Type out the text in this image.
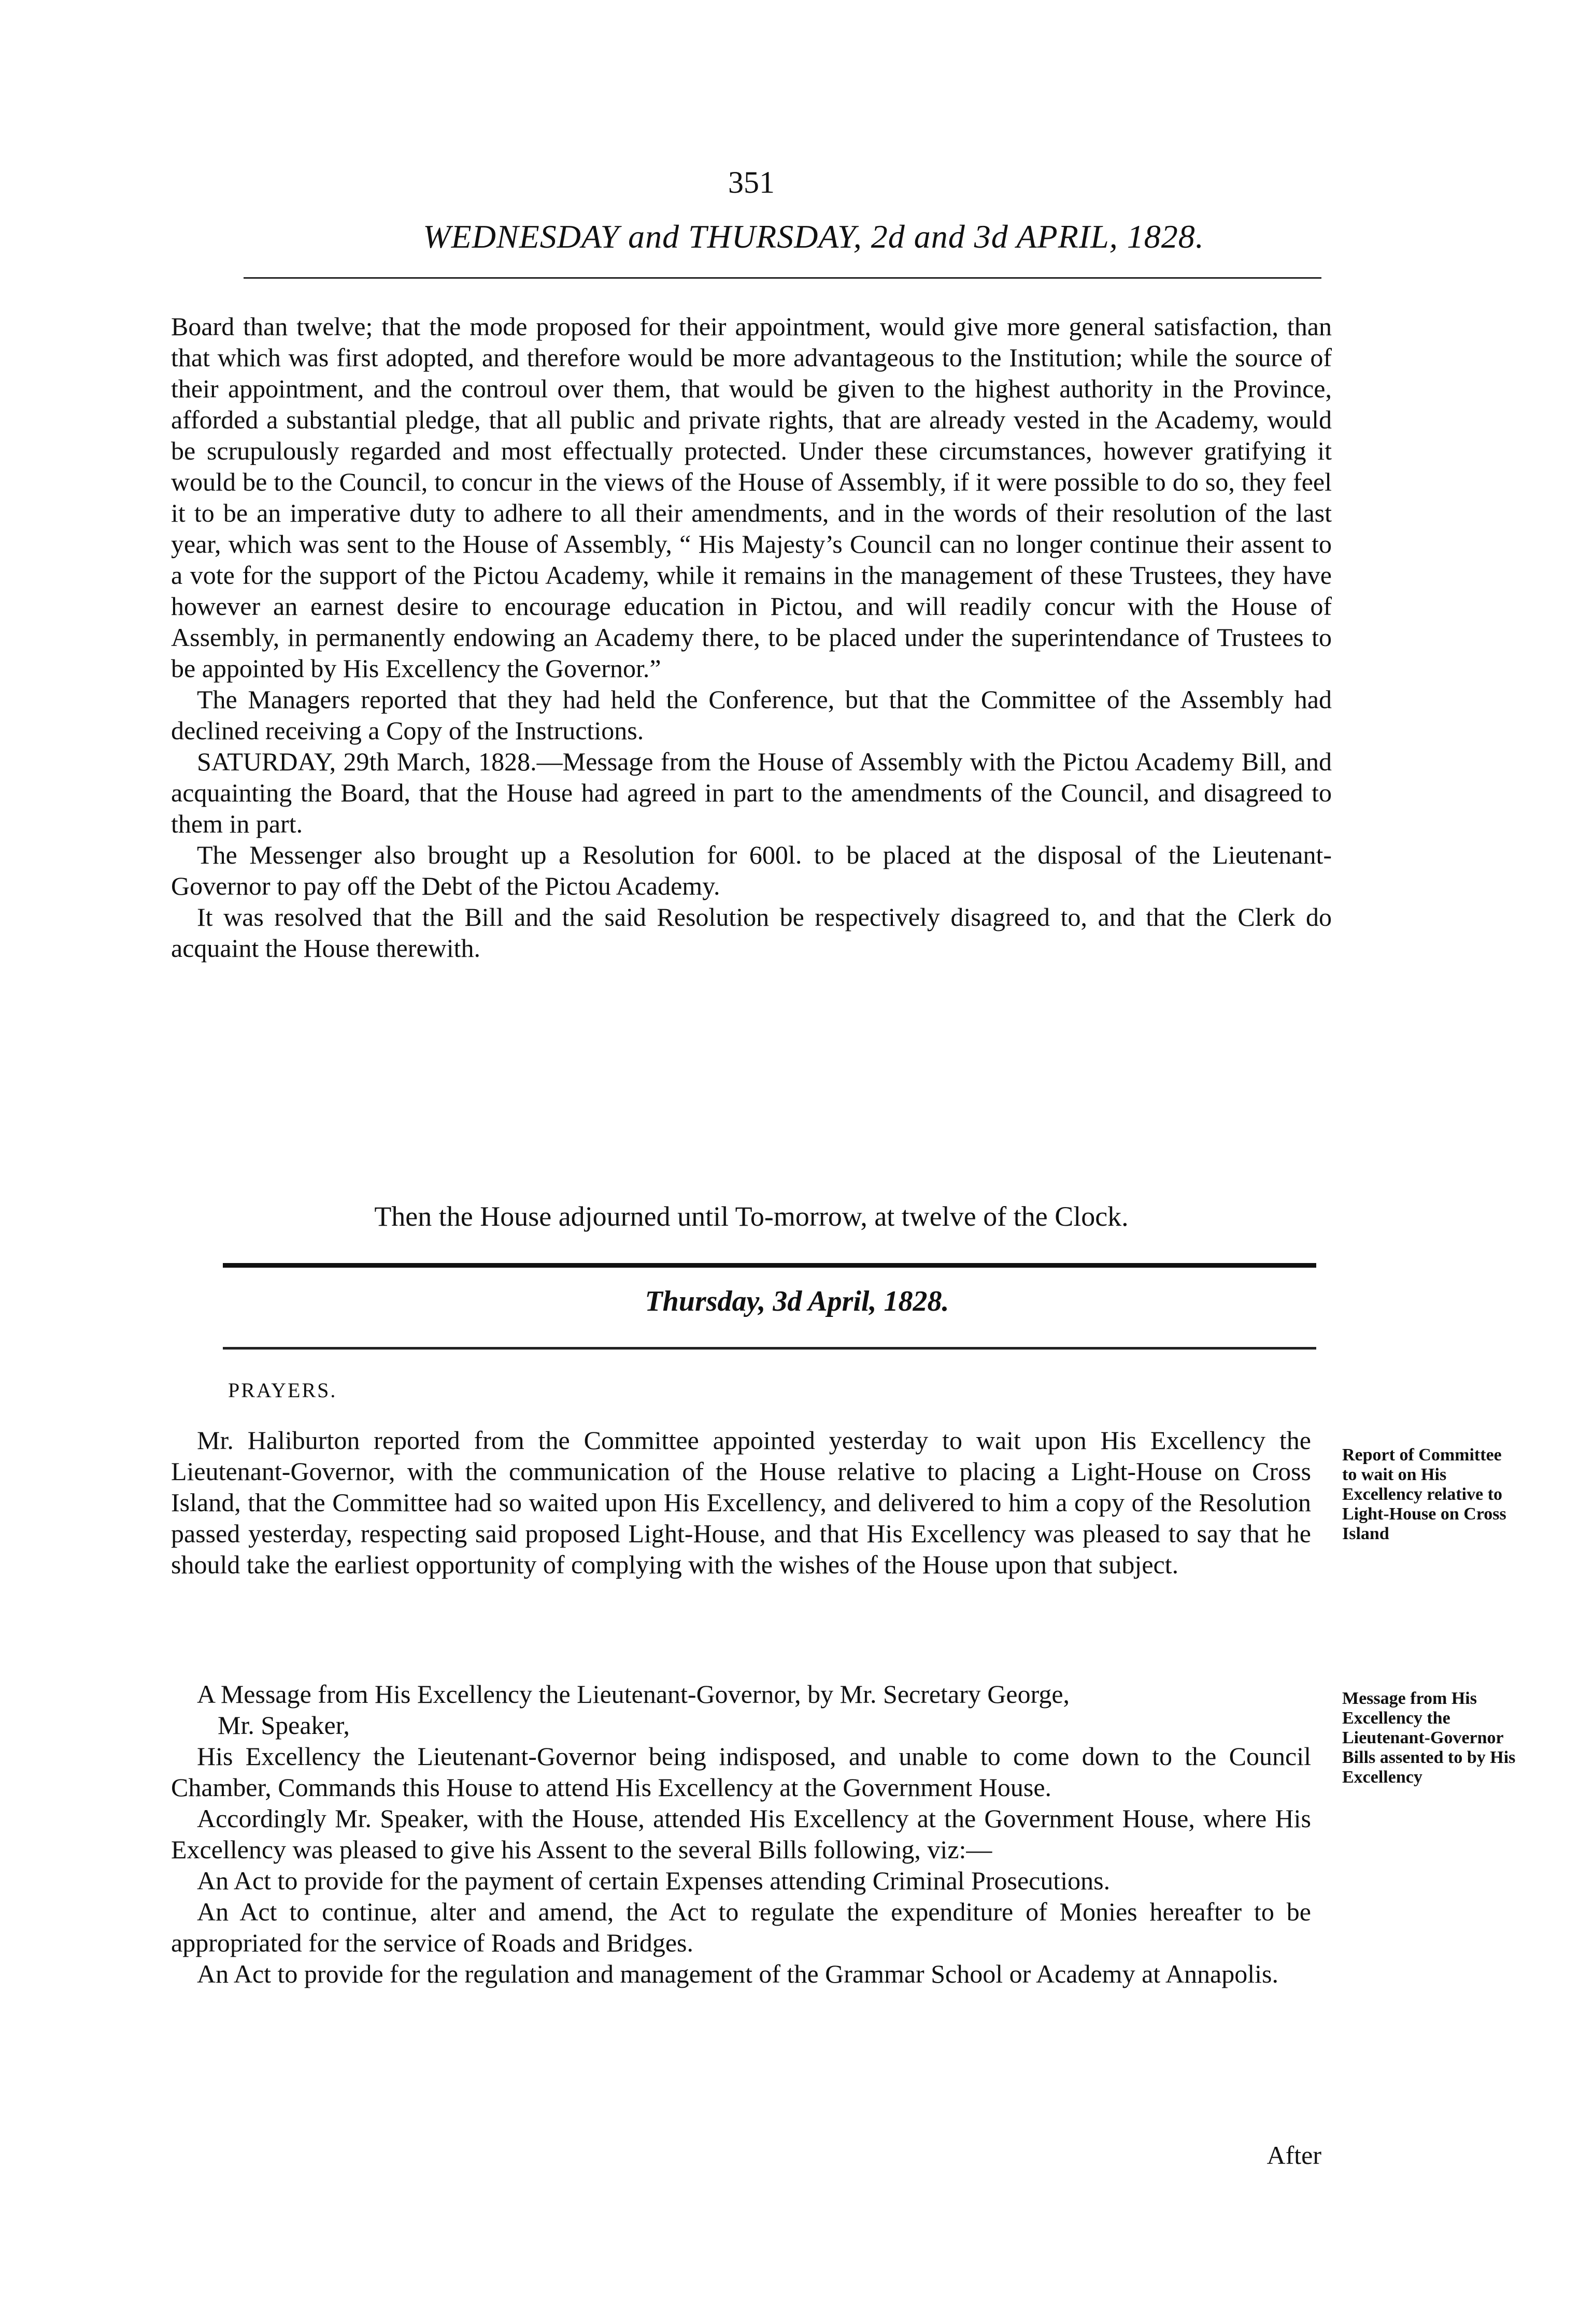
351
WEDNESDAY and THURSDAY, 2d and 3d APRIL, 1828.

Board than twelve; that the mode proposed for their appointment, would give more general satisfaction, than that which was first adopted, and therefore would be more advantageous to the Institution; while the source of their appointment, and the controul over them, that would be given to the highest authority in the Province, afforded a substantial pledge, that all public and private rights, that are already vested in the Academy, would be scrupulously regarded and most effectually protected. Under these circumstances, however gratifying it would be to the Council, to concur in the views of the House of Assembly, if it were possible to do so, they feel it to be an imperative duty to adhere to all their amendments, and in the words of their resolution of the last year, which was sent to the House of Assembly, “ His Majesty’s Council can no longer continue their assent to a vote for the support of the Pictou Academy, while it remains in the management of these Trustees, they have however an earnest desire to encourage education in Pictou, and will readily concur with the House of Assembly, in permanently endowing an Academy there, to be placed under the superintendance of Trustees to be appointed by His Excellency the Governor.”

The Managers reported that they had held the Conference, but that the Committee of the Assembly had declined receiving a Copy of the Instructions.

SATURDAY, 29th March, 1828.—Message from the House of Assembly with the Pictou Academy Bill, and acquainting the Board, that the House had agreed in part to the amendments of the Council, and disagreed to them in part.

The Messenger also brought up a Resolution for 600l. to be placed at the disposal of the Lieutenant-Governor to pay off the Debt of the Pictou Academy.

It was resolved that the Bill and the said Resolution be respectively disagreed to, and that the Clerk do acquaint the House therewith.

Then the House adjourned until To-morrow, at twelve of the Clock.
Thursday, 3d April, 1828.
PRAYERS.

Mr. Haliburton reported from the Committee appointed yesterday to wait upon His Excellency the Lieutenant-Governor, with the communication of the House relative to placing a Light-House on Cross Island, that the Committee had so waited upon His Excellency, and delivered to him a copy of the Resolution passed yesterday, respecting said proposed Light-House, and that His Excellency was pleased to say that he should take the earliest opportunity of complying with the wishes of the House upon that subject.

Report of Committee to wait on His Excellency relative to Light-House on Cross Island

A Message from His Excellency the Lieutenant-Governor, by Mr. Secretary George,

Mr. Speaker,

His Excellency the Lieutenant-Governor being indisposed, and unable to come down to the Council Chamber, Commands this House to attend His Excellency at the Government House.

Accordingly Mr. Speaker, with the House, attended His Excellency at the Government House, where His Excellency was pleased to give his Assent to the several Bills following, viz:—

An Act to provide for the payment of certain Expenses attending Criminal Prosecutions.

An Act to continue, alter and amend, the Act to regulate the expenditure of Monies hereafter to be appropriated for the service of Roads and Bridges.

An Act to provide for the regulation and management of the Grammar School or Academy at Annapolis.

Message from His Excellency the Lieutenant-Governor Bills assented to by His Excellency
After
